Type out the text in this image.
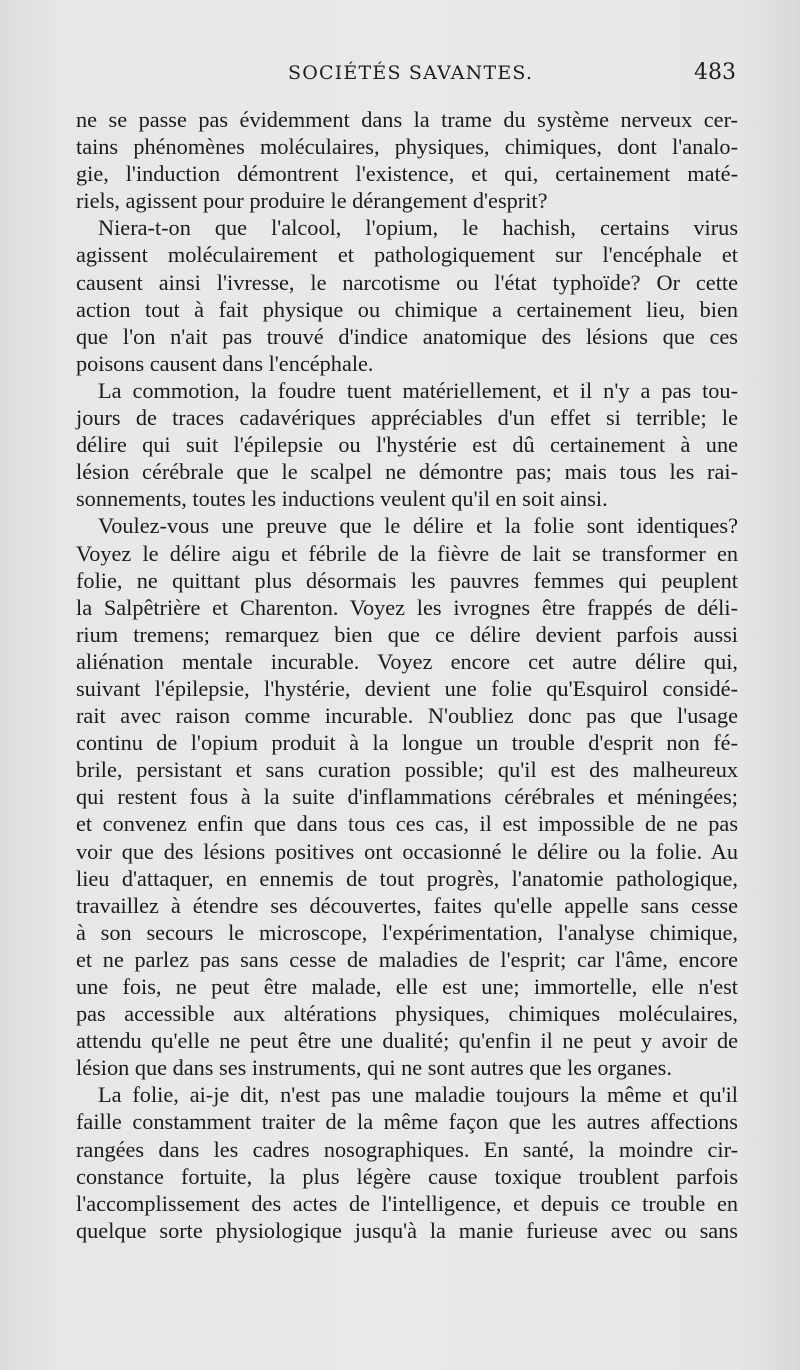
SOCIÉTÉS SAVANTES.	483
ne se passe pas évidemment dans la trame du système nerveux cer-
tains phénomènes moléculaires, physiques, chimiques, dont l'analo-
gie, l'induction démontrent l'existence, et qui, certainement maté-
riels, agissent pour produire le dérangement d'esprit?
Niera-t-on que l'alcool, l'opium, le hachish, certains virus
agissent moléculairement et pathologiquement sur l'encéphale et
causent ainsi l'ivresse, le narcotisme ou l'état typhoïde? Or cette
action tout à fait physique ou chimique a certainement lieu, bien
que l'on n'ait pas trouvé d'indice anatomique des lésions que ces
poisons causent dans l'encéphale.
La commotion, la foudre tuent matériellement, et il n'y a pas tou-
jours de traces cadavériques appréciables d'un effet si terrible; le
délire qui suit l'épilepsie ou l'hystérie est dû certainement à une
lésion cérébrale que le scalpel ne démontre pas; mais tous les rai-
sonnements, toutes les inductions veulent qu'il en soit ainsi.
Voulez-vous une preuve que le délire et la folie sont identiques?
Voyez le délire aigu et fébrile de la fièvre de lait se transformer en
folie, ne quittant plus désormais les pauvres femmes qui peuplent
la Salpêtrière et Charenton. Voyez les ivrognes être frappés de déli-
rium tremens; remarquez bien que ce délire devient parfois aussi
aliénation mentale incurable. Voyez encore cet autre délire qui,
suivant l'épilepsie, l'hystérie, devient une folie qu'Esquirol considé-
rait avec raison comme incurable. N'oubliez donc pas que l'usage
continu de l'opium produit à la longue un trouble d'esprit non fé-
brile, persistant et sans curation possible; qu'il est des malheureux
qui restent fous à la suite d'inflammations cérébrales et méningées;
et convenez enfin que dans tous ces cas, il est impossible de ne pas
voir que des lésions positives ont occasionné le délire ou la folie. Au
lieu d'attaquer, en ennemis de tout progrès, l'anatomie pathologique,
travaillez à étendre ses découvertes, faites qu'elle appelle sans cesse
à son secours le microscope, l'expérimentation, l'analyse chimique,
et ne parlez pas sans cesse de maladies de l'esprit; car l'âme, encore
une fois, ne peut être malade, elle est une; immortelle, elle n'est
pas accessible aux altérations physiques, chimiques moléculaires,
attendu qu'elle ne peut être une dualité; qu'enfin il ne peut y avoir de
lésion que dans ses instruments, qui ne sont autres que les organes.
La folie, ai-je dit, n'est pas une maladie toujours la même et qu'il
faille constamment traiter de la même façon que les autres affections
rangées dans les cadres nosographiques. En santé, la moindre cir-
constance fortuite, la plus légère cause toxique troublent parfois
l'accomplissement des actes de l'intelligence, et depuis ce trouble en
quelque sorte physiologique jusqu'à la manie furieuse avec ou sans
